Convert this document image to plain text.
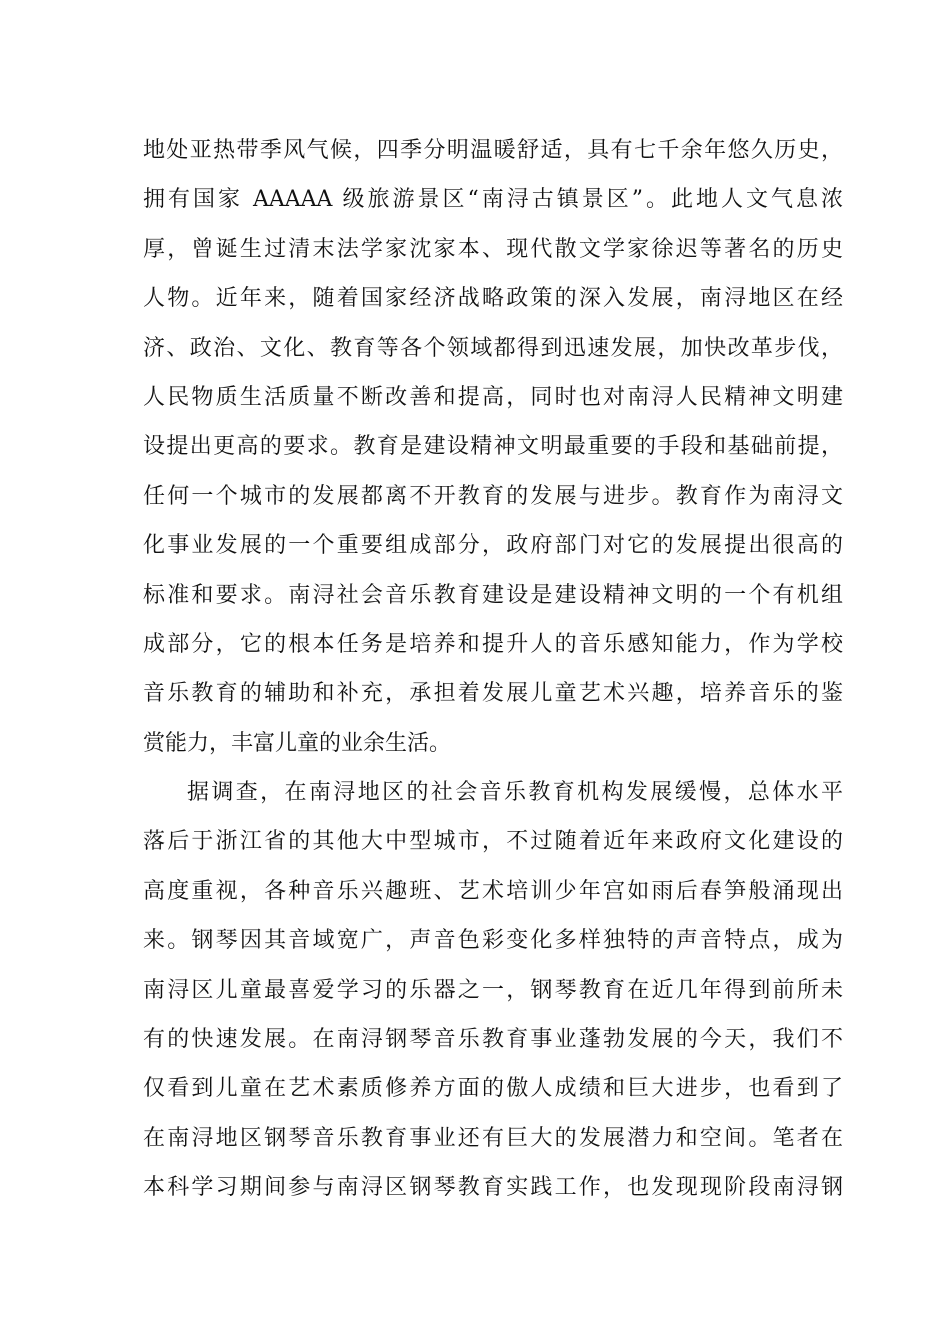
地处亚热带季风气候，四季分明温暖舒适，具有七千余年悠久历史，
拥有国家 AAAAA 级旅游景区“南浔古镇景区”。此地人文气息浓
厚，曾诞生过清末法学家沈家本、现代散文学家徐迟等著名的历史
人物。近年来，随着国家经济战略政策的深入发展，南浔地区在经
济、政治、文化、教育等各个领域都得到迅速发展，加快改革步伐，
人民物质生活质量不断改善和提高，同时也对南浔人民精神文明建
设提出更高的要求。教育是建设精神文明最重要的手段和基础前提，
任何一个城市的发展都离不开教育的发展与进步。教育作为南浔文
化事业发展的一个重要组成部分，政府部门对它的发展提出很高的
标准和要求。南浔社会音乐教育建设是建设精神文明的一个有机组
成部分，它的根本任务是培养和提升人的音乐感知能力，作为学校
音乐教育的辅助和补充，承担着发展儿童艺术兴趣，培养音乐的鉴
赏能力，丰富儿童的业余生活。
据调查，在南浔地区的社会音乐教育机构发展缓慢，总体水平
落后于浙江省的其他大中型城市，不过随着近年来政府文化建设的
高度重视，各种音乐兴趣班、艺术培训少年宫如雨后春笋般涌现出
来。钢琴因其音域宽广，声音色彩变化多样独特的声音特点，成为
南浔区儿童最喜爱学习的乐器之一，钢琴教育在近几年得到前所未
有的快速发展。在南浔钢琴音乐教育事业蓬勃发展的今天，我们不
仅看到儿童在艺术素质修养方面的傲人成绩和巨大进步，也看到了
在南浔地区钢琴音乐教育事业还有巨大的发展潜力和空间。笔者在
本科学习期间参与南浔区钢琴教育实践工作，也发现现阶段南浔钢
